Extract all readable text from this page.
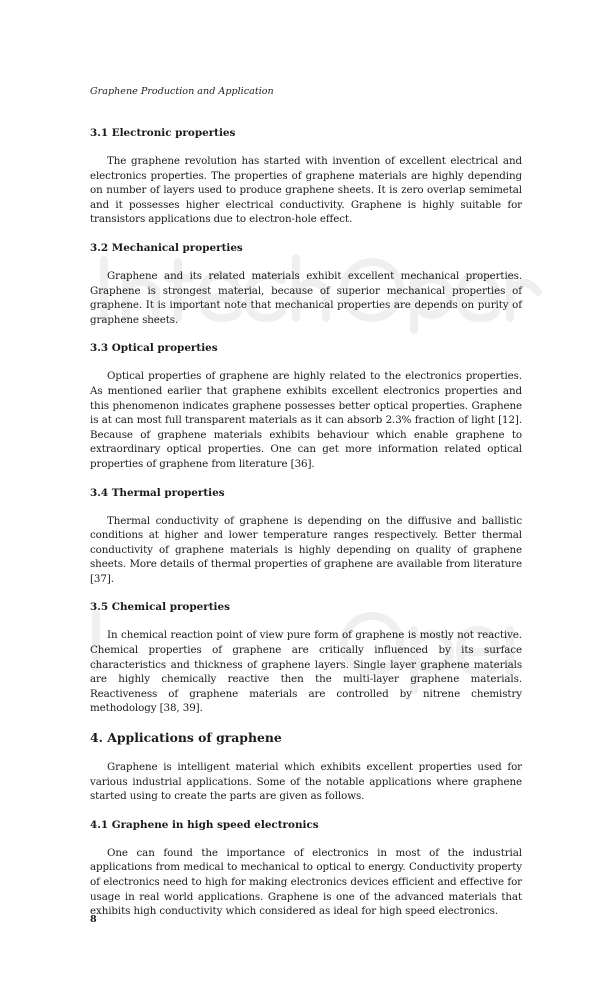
Graphene Production and Application
3.1 Electronic properties

The graphene revolution has started with invention of excellent electrical and electronics properties. The properties of graphene materials are highly depending on number of layers used to produce graphene sheets. It is zero overlap semimetal and it possesses higher electrical conductivity. Graphene is highly suitable for transistors applications due to electron-hole effect.

3.2 Mechanical properties

Graphene and its related materials exhibit excellent mechanical properties. Graphene is strongest material, because of superior mechanical properties of graphene. It is important note that mechanical properties are depends on purity of graphene sheets.

3.3 Optical properties

Optical properties of graphene are highly related to the electronics properties. As mentioned earlier that graphene exhibits excellent electronics properties and this phenomenon indicates graphene possesses better optical properties. Graphene is at can most full transparent materials as it can absorb 2.3% fraction of light [12]. Because of graphene materials exhibits behaviour which enable graphene to extraordinary optical properties. One can get more information related optical properties of graphene from literature [36].

3.4 Thermal properties

Thermal conductivity of graphene is depending on the diffusive and ballistic conditions at higher and lower temperature ranges respectively. Better thermal conductivity of graphene materials is highly depending on quality of graphene sheets. More details of thermal properties of graphene are available from literature [37].

3.5 Chemical properties

In chemical reaction point of view pure form of graphene is mostly not reactive. Chemical properties of graphene are critically influenced by its surface characteristics and thickness of graphene layers. Single layer graphene materials are highly chemically reactive then the multi-layer graphene materials. Reactiveness of graphene materials are controlled by nitrene chemistry methodology [38, 39].

4. Applications of graphene

Graphene is intelligent material which exhibits excellent properties used for various industrial applications. Some of the notable applications where graphene started using to create the parts are given as follows.

4.1 Graphene in high speed electronics

One can found the importance of electronics in most of the industrial applications from medical to mechanical to optical to energy. Conductivity property of electronics need to high for making electronics devices efficient and effective for usage in real world applications. Graphene is one of the advanced materials that exhibits high conductivity which considered as ideal for high speed electronics.

8
